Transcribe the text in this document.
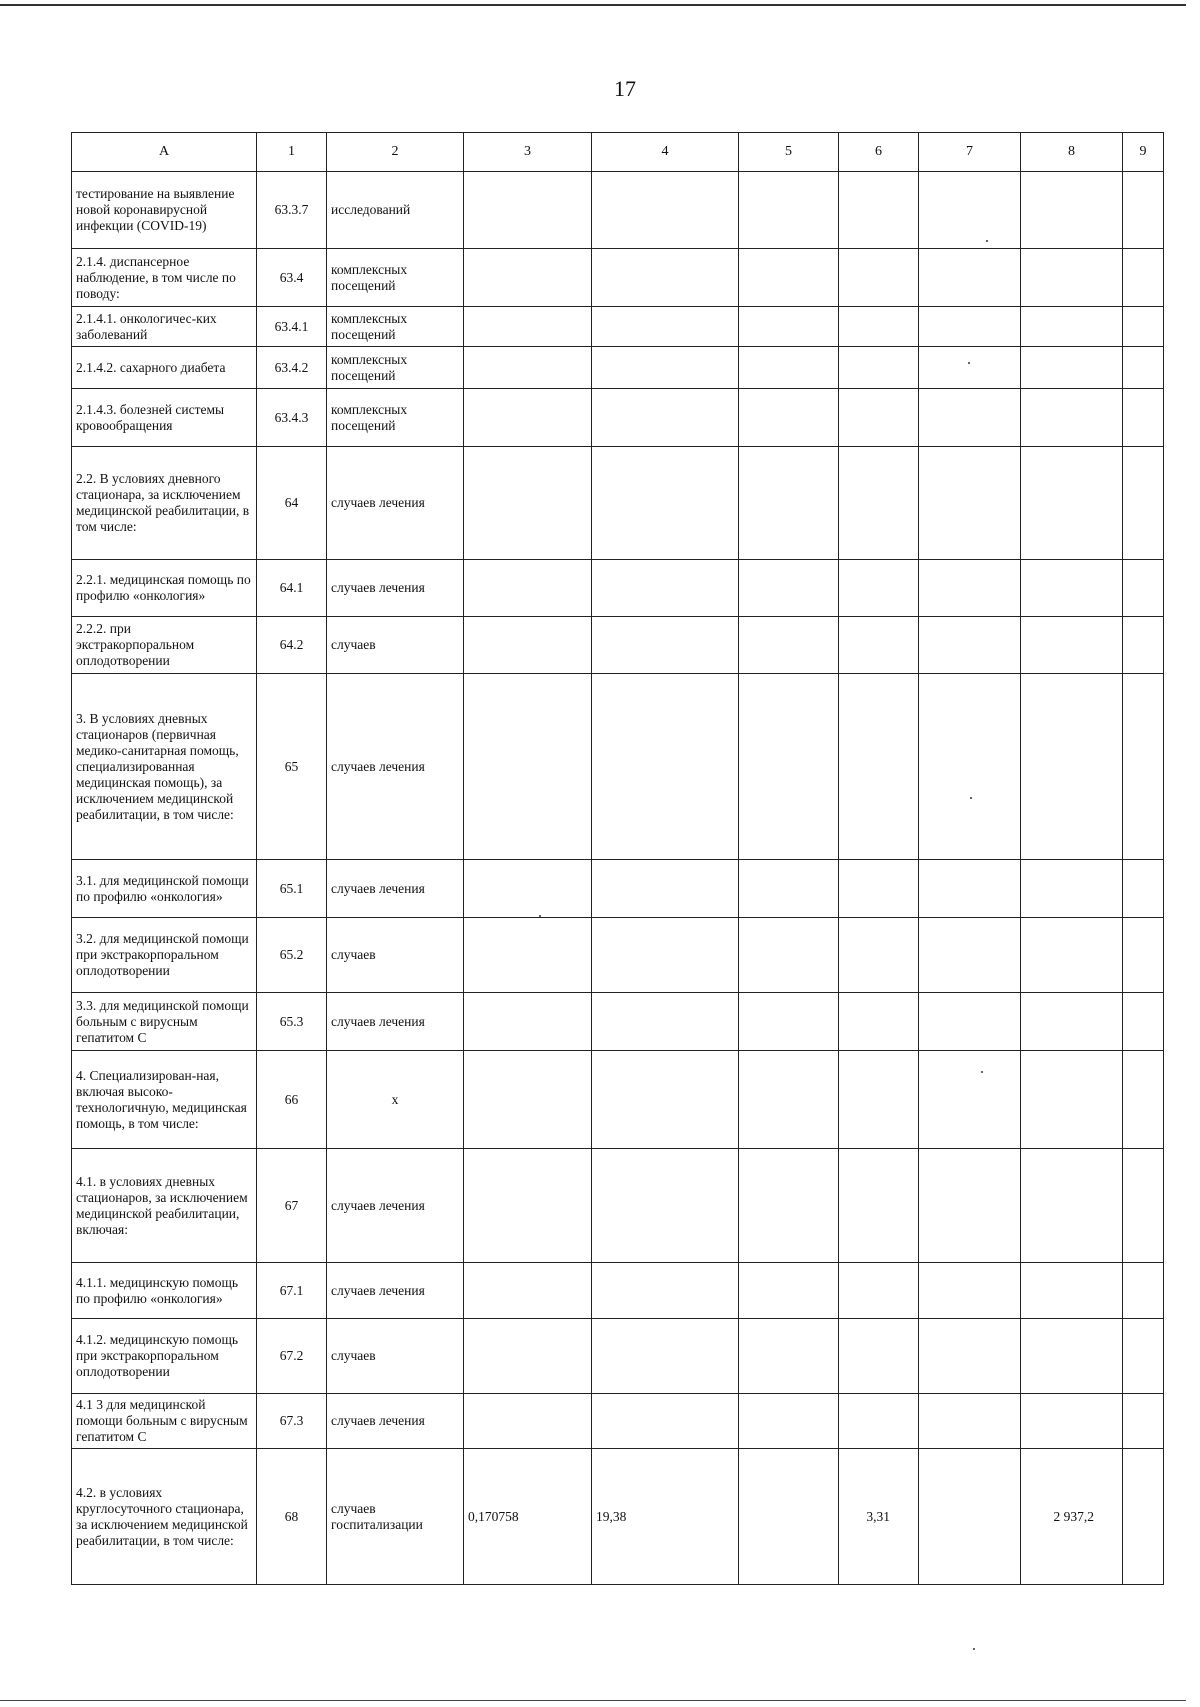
17
А	1	2	3	4	5	6	7	8	9
тестирование на выявление новой коронавирусной инфекции (COVID-19)	63.3.7	исследований							
2.1.4. диспансерное наблюдение, в том числе по поводу:	63.4	комплексных посещений							
2.1.4.1. онкологичес-ких заболеваний	63.4.1	комплексных посещений							
2.1.4.2. сахарного диабета	63.4.2	комплексных посещений							
2.1.4.3. болезней системы кровообращения	63.4.3	комплексных посещений							
2.2. В условиях дневного стационара, за исключением медицинской реабилитации, в том числе:	64	случаев лечения							
2.2.1. медицинская помощь по профилю «онкология»	64.1	случаев лечения							
2.2.2. при экстракорпоральном оплодотворении	64.2	случаев							
3. В условиях дневных стационаров (первичная медико-санитарная помощь, специализированная медицинская помощь), за исключением медицинской реабилитации, в том числе:	65	случаев лечения							
3.1. для медицинской помощи по профилю «онкология»	65.1	случаев лечения							
3.2. для медицинской помощи при экстракорпоральном оплодотворении	65.2	случаев							
3.3. для медицинской помощи больным с вирусным гепатитом С	65.3	случаев лечения							
4. Специализирован-ная, включая высоко-технологичную, медицинская помощь, в том числе:	66	х							
4.1. в условиях дневных стационаров, за исключением медицинской реабилитации, включая:	67	случаев лечения							
4.1.1. медицинскую помощь по профилю «онкология»	67.1	случаев лечения							
4.1.2. медицинскую помощь при экстракорпоральном оплодотворении	67.2	случаев							
4.1 3 для медицинской помощи больным с вирусным гепатитом С	67.3	случаев лечения							
4.2. в условиях круглосуточного стационара, за исключением медицинской реабилитации, в том числе:	68	случаев госпитализации	0,170758	19,38		3,31		2 937,2	
